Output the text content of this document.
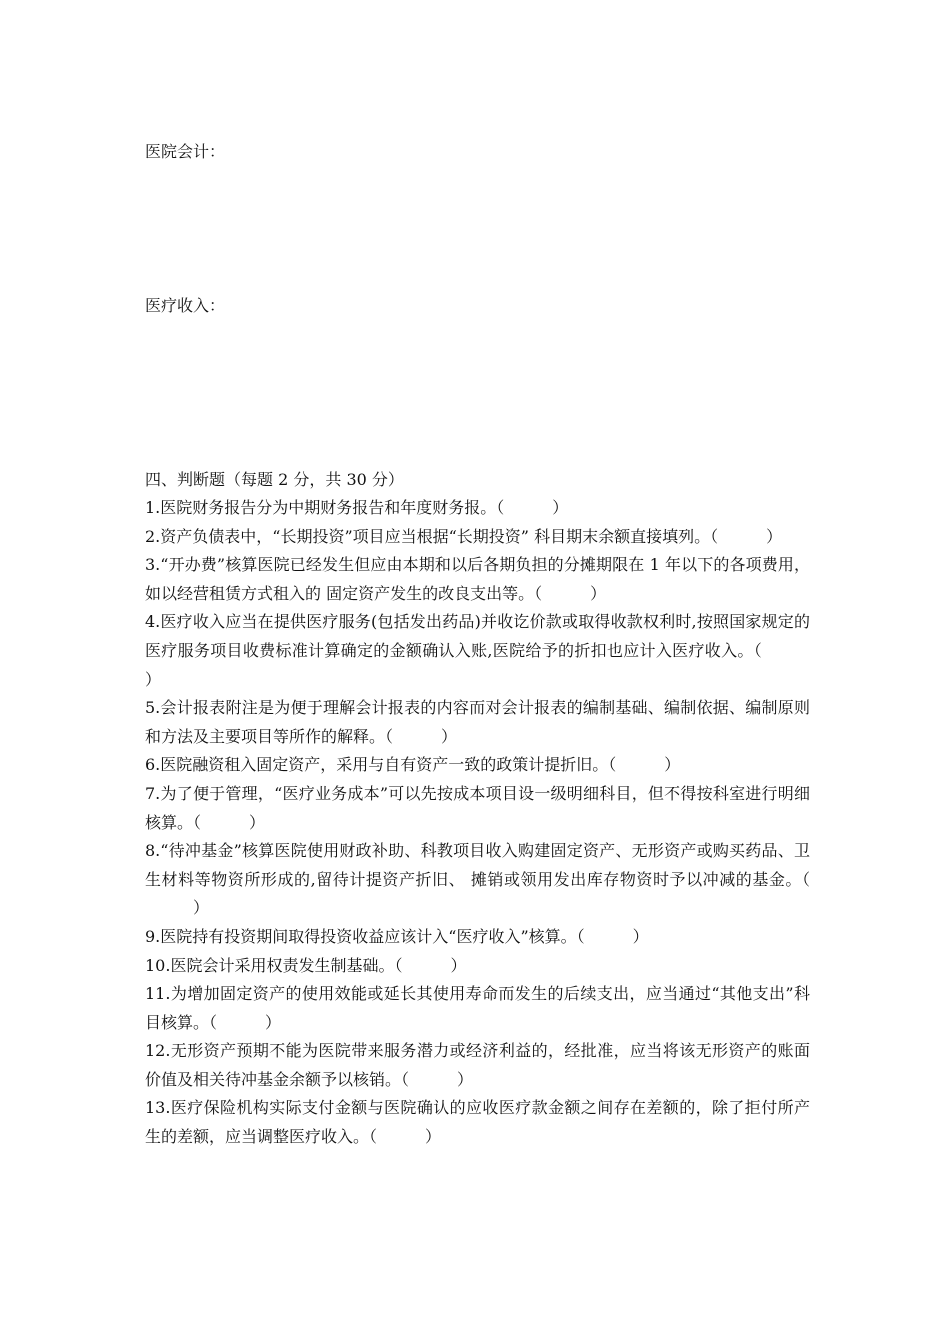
医院会计：
医疗收入：
四、判断题（每题 2 分，共 30 分）
1.医院财务报告分为中期财务报告和年度财务报。（	）
2.资产负债表中，“长期投资”项目应当根据“长期投资” 科目期末余额直接填列。（	）
3.“开办费”核算医院已经发生但应由本期和以后各期负担的分摊期限在 1 年以下的各项费用，如以经营租赁方式租入的 固定资产发生的改良支出等。（	）
4.医疗收入应当在提供医疗服务(包括发出药品)并收讫价款或取得收款权利时,按照国家规定的医疗服务项目收费标准计算确定的金额确认入账,医院给予的折扣也应计入医疗收入。（）
5.会计报表附注是为便于理解会计报表的内容而对会计报表的编制基础、编制依据、编制原则和方法及主要项目等所作的解释。（	）
6.医院融资租入固定资产，采用与自有资产一致的政策计提折旧。（	）
7.为了便于管理，“医疗业务成本”可以先按成本项目设一级明细科目，但不得按科室进行明细核算。（	）
8.“待冲基金”核算医院使用财政补助、科教项目收入购建固定资产、无形资产或购买药品、卫生材料等物资所形成的,留待计提资产折旧、 摊销或领用发出库存物资时予以冲减的基金。（）
9.医院持有投资期间取得投资收益应该计入“医疗收入”核算。（	）
10.医院会计采用权责发生制基础。（	）
11.为增加固定资产的使用效能或延长其使用寿命而发生的后续支出，应当通过“其他支出”科目核算。（	）
12.无形资产预期不能为医院带来服务潜力或经济利益的，经批准，应当将该无形资产的账面价值及相关待冲基金余额予以核销。（	）
13.医疗保险机构实际支付金额与医院确认的应收医疗款金额之间存在差额的，除了拒付所产生的差额，应当调整医疗收入。（	）
